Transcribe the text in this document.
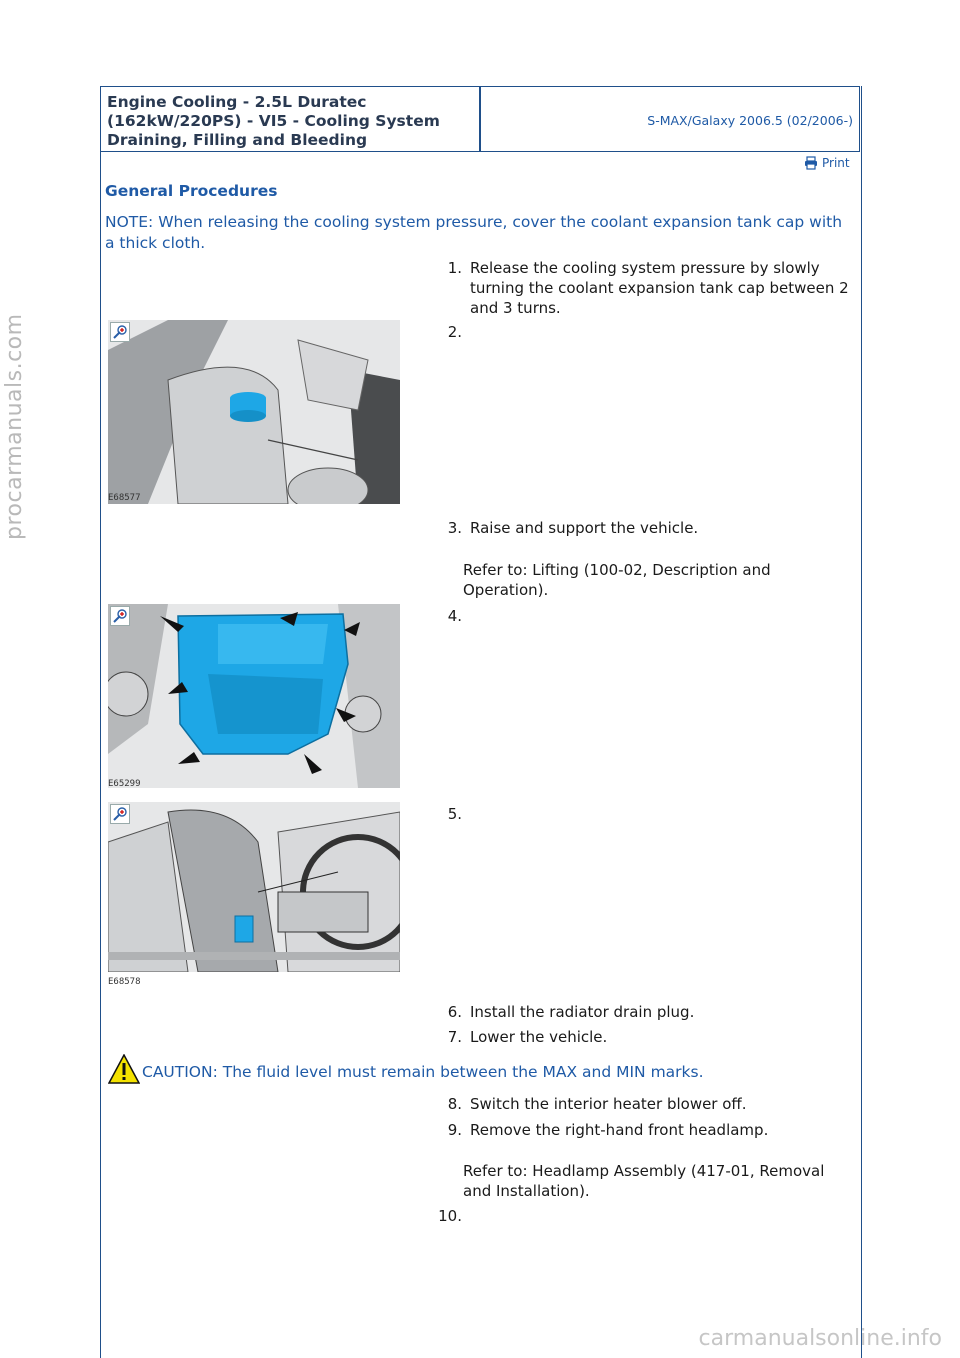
Engine Cooling - 2.5L Duratec
(162kW/220PS) - VI5 - Cooling System
Draining, Filling and Bleeding
S-MAX/Galaxy 2006.5 (02/2006-)
Print
General Procedures
NOTE: When releasing the cooling system pressure, cover the coolant expansion tank cap with a thick cloth.
1. Release the cooling system pressure by slowly turning the coolant expansion tank cap between 2 and 3 turns.
E68577
2.
3. Raise and support the vehicle.
Refer to: Lifting (100-02, Description and Operation).
E65299
4.
E68578
5.
6. Install the radiator drain plug.
7. Lower the vehicle.
CAUTION: The fluid level must remain between the MAX and MIN marks.
8. Switch the interior heater blower off.
9. Remove the right-hand front headlamp.
Refer to: Headlamp Assembly (417-01, Removal and Installation).
10.
procarmanuals.com
carmanualsonline.info
